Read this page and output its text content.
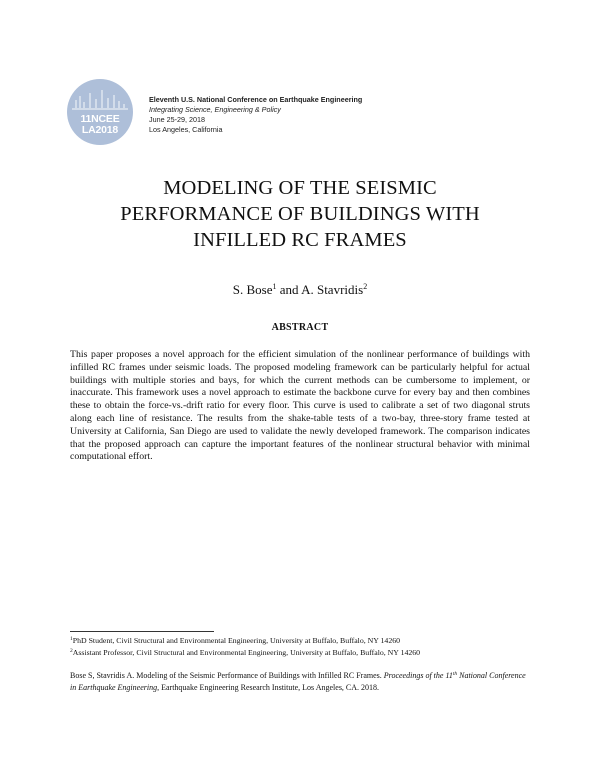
11NCEE
LA2018
Eleventh U.S. National Conference on Earthquake Engineering
Integrating Science, Engineering & Policy
June 25-29, 2018
Los Angeles, California
MODELING OF THE SEISMIC
PERFORMANCE OF BUILDINGS WITH
INFILLED RC FRAMES
S. Bose$^1$ and A. Stavridis$^2$
ABSTRACT
This paper proposes a novel approach for the efficient simulation of the nonlinear performance of buildings with infilled RC frames under seismic loads. The proposed modeling framework can be particularly helpful for actual buildings with multiple stories and bays, for which the current methods can be cumbersome to implement, or inaccurate. This framework uses a novel approach to estimate the backbone curve for every bay and then combines these to obtain the force-vs.-drift ratio for every floor. This curve is used to calibrate a set of two diagonal struts along each line of resistance. The results from the shake-table tests of a two-bay, three-story frame tested at University at California, San Diego are used to validate the newly developed framework. The comparison indicates that the proposed approach can capture the important features of the nonlinear structural behavior with minimal computational effort.
$^1$PhD Student, Civil Structural and Environmental Engineering, University at Buffalo, Buffalo, NY 14260
$^2$Assistant Professor, Civil Structural and Environmental Engineering, University at Buffalo, Buffalo, NY 14260
Bose S, Stavridis A. Modeling of the Seismic Performance of Buildings with Infilled RC Frames. Proceedings of the 11th National Conference in Earthquake Engineering, Earthquake Engineering Research Institute, Los Angeles, CA. 2018.
